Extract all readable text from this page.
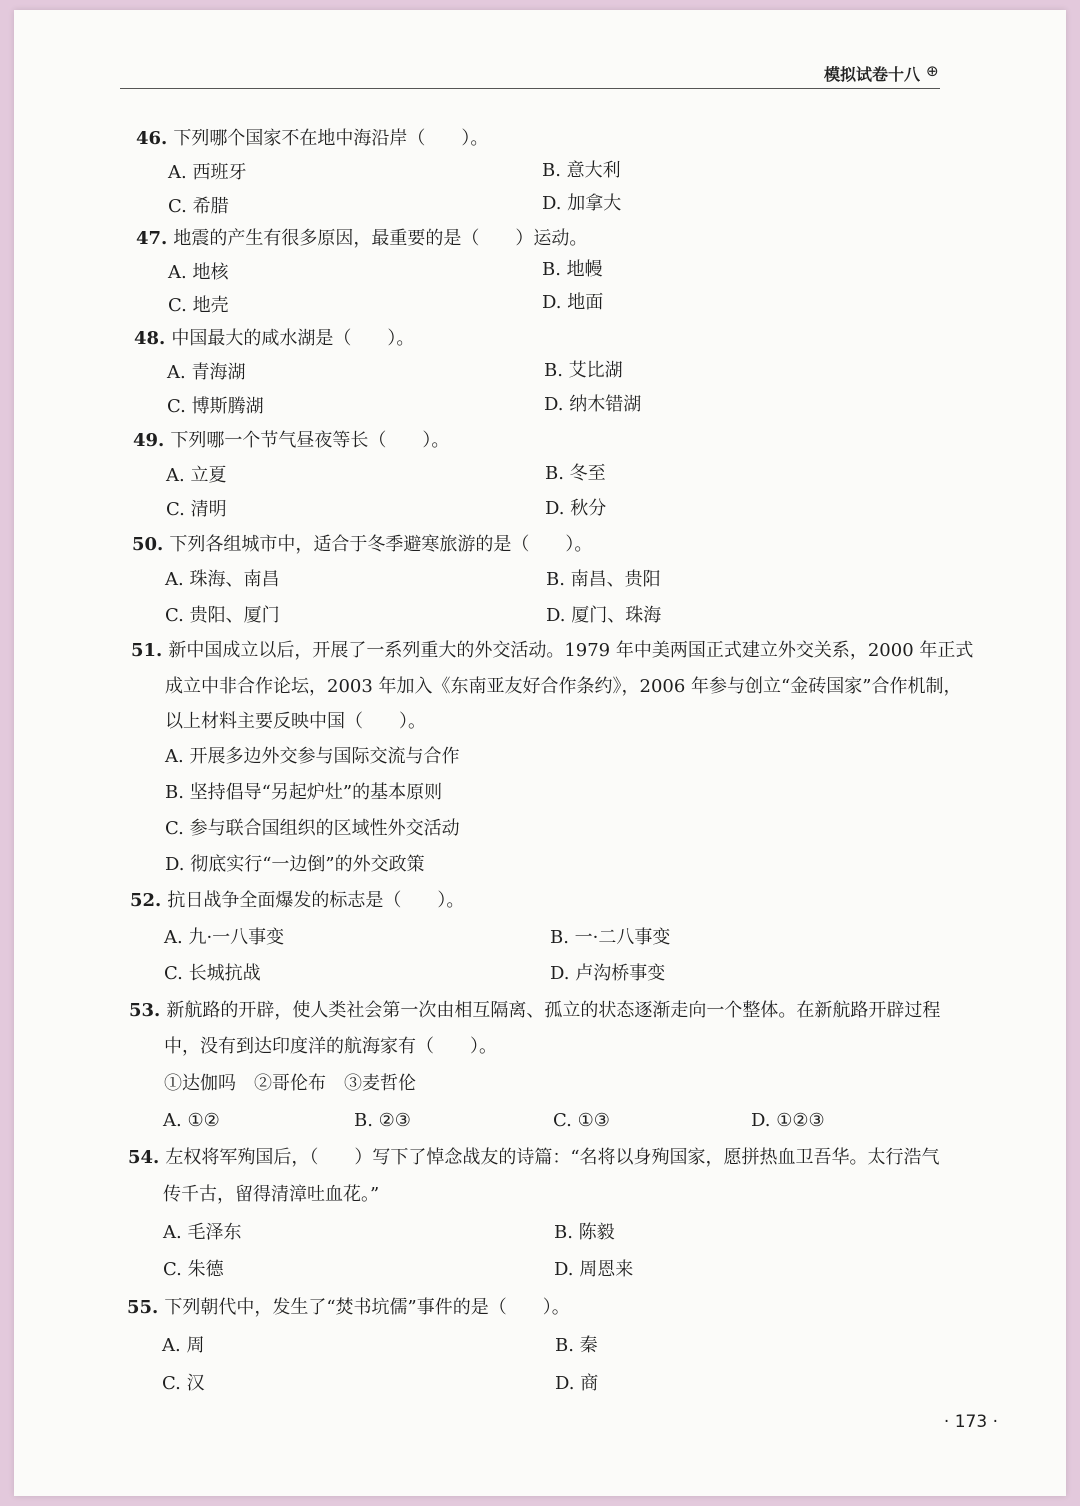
模拟试卷十八 ⊕
46. 下列哪个国家不在地中海沿岸（　　）。
A. 西班牙	B. 意大利
C. 希腊	D. 加拿大
47. 地震的产生有很多原因，最重要的是（　　）运动。
A. 地核	B. 地幔
C. 地壳	D. 地面
48. 中国最大的咸水湖是（　　）。
A. 青海湖	B. 艾比湖
C. 博斯腾湖	D. 纳木错湖
49. 下列哪一个节气昼夜等长（　　）。
A. 立夏	B. 冬至
C. 清明	D. 秋分
50. 下列各组城市中，适合于冬季避寒旅游的是（　　）。
A. 珠海、南昌	B. 南昌、贵阳
C. 贵阳、厦门	D. 厦门、珠海
51. 新中国成立以后，开展了一系列重大的外交活动。1979 年中美两国正式建立外交关系，2000 年正式
成立中非合作论坛，2003 年加入《东南亚友好合作条约》，2006 年参与创立“金砖国家”合作机制，
以上材料主要反映中国（　　）。
A. 开展多边外交参与国际交流与合作
B. 坚持倡导“另起炉灶”的基本原则
C. 参与联合国组织的区域性外交活动
D. 彻底实行“一边倒”的外交政策
52. 抗日战争全面爆发的标志是（　　）。
A. 九·一八事变	B. 一·二八事变
C. 长城抗战	D. 卢沟桥事变
53. 新航路的开辟，使人类社会第一次由相互隔离、孤立的状态逐渐走向一个整体。在新航路开辟过程
中，没有到达印度洋的航海家有（　　）。
①达伽吗　②哥伦布　③麦哲伦
A. ①②	B. ②③	C. ①③	D. ①②③
54. 左权将军殉国后，（　　）写下了悼念战友的诗篇：“名将以身殉国家，愿拼热血卫吾华。太行浩气
传千古，留得清漳吐血花。”
A. 毛泽东	B. 陈毅
C. 朱德	D. 周恩来
55. 下列朝代中，发生了“焚书坑儒”事件的是（　　）。
A. 周	B. 秦
C. 汉	D. 商
· 173 ·
